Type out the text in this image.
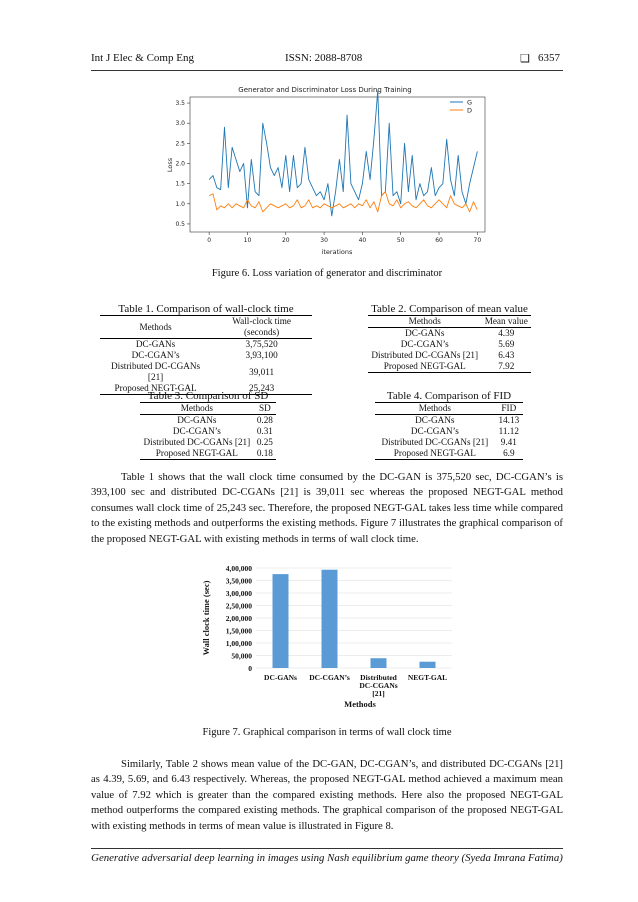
Int J Elec & Comp Eng	ISSN: 2088-8708	❑ 6357
Generator and Discriminator Loss During Training
0	10	20	30	40	50	60	70
0.5
1.0
1.5
2.0
2.5
3.0
3.5
iterations
Loss
G
D
Figure 6. Loss variation of generator and discriminator
Table 1. Comparison of wall-clock time
Methods	Wall-clock time (seconds)
DC-GANs	3,75,520
DC-CGAN’s	3,93,100
Distributed DC-CGANs [21]	39,011
Proposed NEGT-GAL	25,243
Table 2. Comparison of mean value
Methods	Mean value
DC-GANs	4.39
DC-CGAN’s	5.69
Distributed DC-CGANs [21]	6.43
Proposed NEGT-GAL	7.92
Table 3. Comparison of SD
Methods	SD
DC-GANs	0.28
DC-CGAN’s	0.31
Distributed DC-CGANs [21]	0.25
Proposed NEGT-GAL	0.18
Table 4. Comparison of FID
Methods	FID
DC-GANs	14.13
DC-CGAN’s	11.12
Distributed DC-CGANs [21]	9.41
Proposed NEGT-GAL	6.9
Table 1 shows that the wall clock time consumed by the DC-GAN is 375,520 sec, DC-CGAN’s is 393,100 sec and distributed DC-CGANs [21] is 39,011 sec whereas the proposed NEGT-GAL method consumes wall clock time of 25,243 sec. Therefore, the proposed NEGT-GAL takes less time while compared to the existing methods and outperforms the existing methods. Figure 7 illustrates the graphical comparison of the proposed NEGT-GAL with existing methods in terms of wall clock time.
0
50,000
1,00,000
1,50,000
2,00,000
2,50,000
3,00,000
3,50,000
4,00,000
DC-GANs DC-CGAN’s Distributed
DC-CGANs
[21]
NEGT-GAL
Methods
Wall clock time (sec)
Figure 7. Graphical comparison in terms of wall clock time
Similarly, Table 2 shows mean value of the DC-GAN, DC-CGAN’s, and distributed DC-CGANs [21] as 4.39, 5.69, and 6.43 respectively. Whereas, the proposed NEGT-GAL method achieved a maximum mean value of 7.92 which is greater than the compared existing methods. Here also the proposed NEGT-GAL method outperforms the compared existing methods. The graphical comparison of the proposed NEGT-GAL with existing methods in terms of mean value is illustrated in Figure 8.
Generative adversarial deep learning in images using Nash equilibrium game theory (Syeda Imrana Fatima)
